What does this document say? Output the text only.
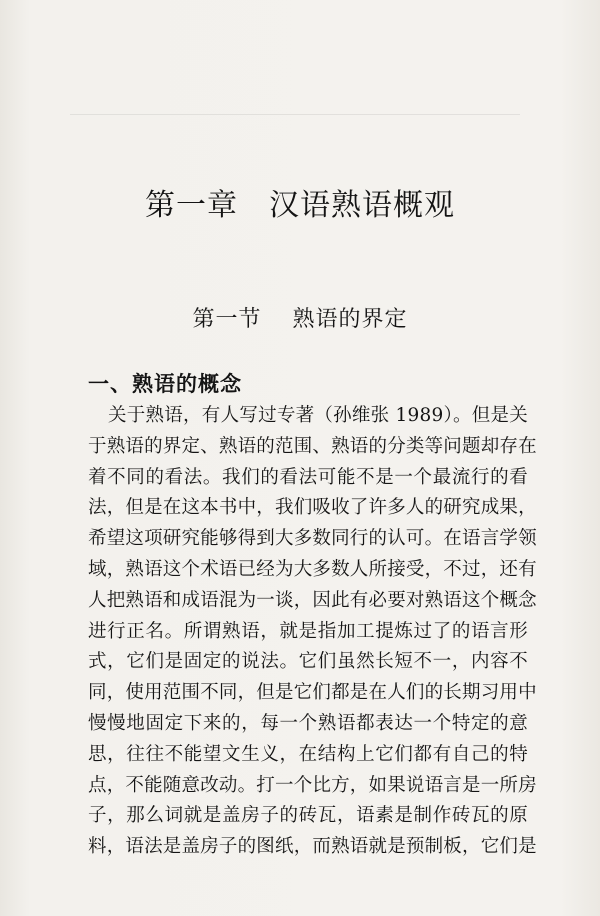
第一章　汉语熟语概观
第一节　 熟语的界定
一、熟语的概念
关于熟语，有人写过专著（孙维张 1989）。但是关
于熟语的界定、熟语的范围、熟语的分类等问题却存在
着不同的看法。我们的看法可能不是一个最流行的看
法，但是在这本书中，我们吸收了许多人的研究成果，
希望这项研究能够得到大多数同行的认可。在语言学领
域，熟语这个术语已经为大多数人所接受，不过，还有
人把熟语和成语混为一谈，因此有必要对熟语这个概念
进行正名。所谓熟语，就是指加工提炼过了的语言形
式，它们是固定的说法。它们虽然长短不一，内容不
同，使用范围不同，但是它们都是在人们的长期习用中
慢慢地固定下来的，每一个熟语都表达一个特定的意
思，往往不能望文生义，在结构上它们都有自己的特
点，不能随意改动。打一个比方，如果说语言是一所房
子，那么词就是盖房子的砖瓦，语素是制作砖瓦的原
料，语法是盖房子的图纸，而熟语就是预制板，它们是
